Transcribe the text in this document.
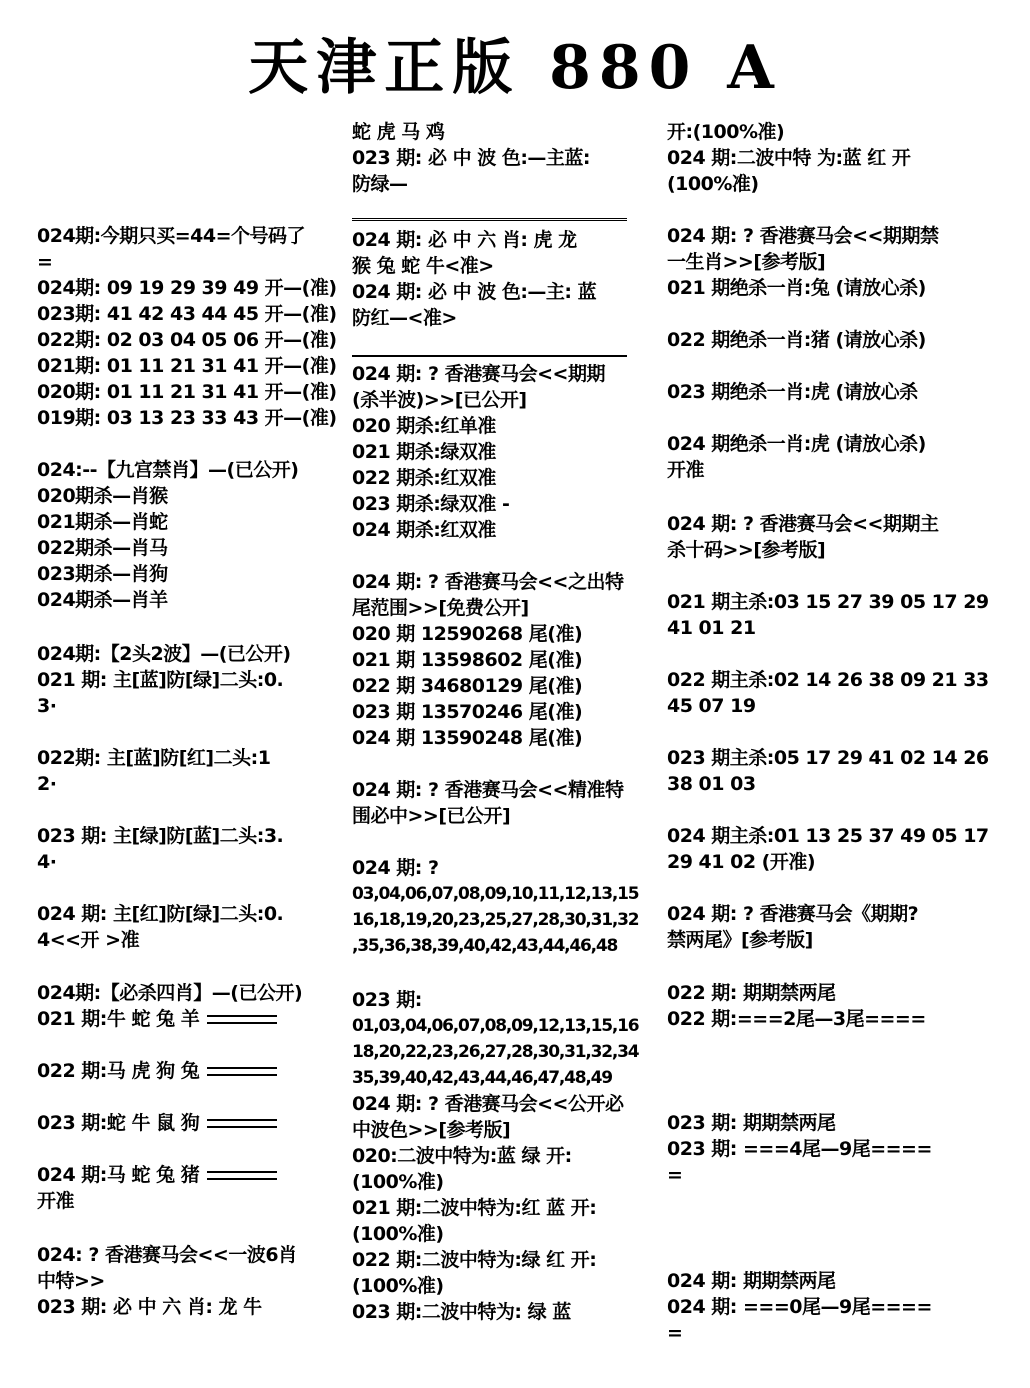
天津正版 880 A
024期:今期只买=44=个号码了
=
024期: 09 19 29 39 49 开—(准)
023期: 41 42 43 44 45 开—(准)
022期: 02 03 04 05 06 开—(准)
021期: 01 11 21 31 41 开—(准)
020期: 01 11 21 31 41 开—(准)
019期: 03 13 23 33 43 开—(准)
024:--【九宫禁肖】—(已公开)
020期杀—肖猴
021期杀—肖蛇
022期杀—肖马
023期杀—肖狗
024期杀—肖羊
024期:【2头2波】—(已公开)
021 期: 主[蓝]防[绿]二头:0.
3·
022期: 主[蓝]防[红]二头:1
2·
023 期: 主[绿]防[蓝]二头:3.
4·
024 期: 主[红]防[绿]二头:0.
4<<开 >准
024期:【必杀四肖】—(已公开)
021 期:牛 蛇 兔 羊
022 期:马 虎 狗 兔
023 期:蛇 牛 鼠 狗
024 期:马 蛇 兔 猪
开准
024: ? 香港赛马会<<一波6肖
中特>>
023 期: 必 中 六 肖: 龙 牛
蛇 虎 马 鸡
023 期: 必 中 波 色:—主蓝:
防绿—
024 期: 必 中 六 肖: 虎 龙
猴 兔 蛇 牛<准>
024 期: 必 中 波 色:—主: 蓝
防红—<准>
024 期: ? 香港赛马会<<期期
(杀半波)>>[已公开]
020 期杀:红单准
021 期杀:绿双准
022 期杀:红双准
023 期杀:绿双准 -
024 期杀:红双准
024 期: ? 香港赛马会<<之出特
尾范围>>[免费公开]
020 期 12590268 尾(准)
021 期 13598602 尾(准)
022 期 34680129 尾(准)
023 期 13570246 尾(准)
024 期 13590248 尾(准)
024 期: ? 香港赛马会<<精准特
围必中>>[已公开]
024 期: ?
03,04,06,07,08,09,10,11,12,13,15
16,18,19,20,23,25,27,28,30,31,32
,35,36,38,39,40,42,43,44,46,48
023 期:
01,03,04,06,07,08,09,12,13,15,16
18,20,22,23,26,27,28,30,31,32,34
35,39,40,42,43,44,46,47,48,49
024 期: ? 香港赛马会<<公开必
中波色>>[参考版]
020:二波中特为:蓝 绿 开:
(100%准)
021 期:二波中特为:红 蓝 开:
(100%准)
022 期:二波中特为:绿 红 开:
(100%准)
023 期:二波中特为: 绿 蓝
开:(100%准)
024 期:二波中特 为:蓝 红 开
(100%准)
024 期: ? 香港赛马会<<期期禁
一生肖>>[参考版]
021 期绝杀一肖:兔 (请放心杀)
022 期绝杀一肖:猪 (请放心杀)
023 期绝杀一肖:虎 (请放心杀
024 期绝杀一肖:虎 (请放心杀)
开准
024 期: ? 香港赛马会<<期期主
杀十码>>[参考版]
021 期主杀:03 15 27 39 05 17 29
41 01 21
022 期主杀:02 14 26 38 09 21 33
45 07 19
023 期主杀:05 17 29 41 02 14 26
38 01 03
024 期主杀:01 13 25 37 49 05 17
29 41 02 (开准)
024 期: ? 香港赛马会《期期?
禁两尾》[参考版]
022 期: 期期禁两尾
022 期:===2尾—3尾====
023 期: 期期禁两尾
023 期: ===4尾—9尾====
=
024 期: 期期禁两尾
024 期: ===0尾—9尾====
=
